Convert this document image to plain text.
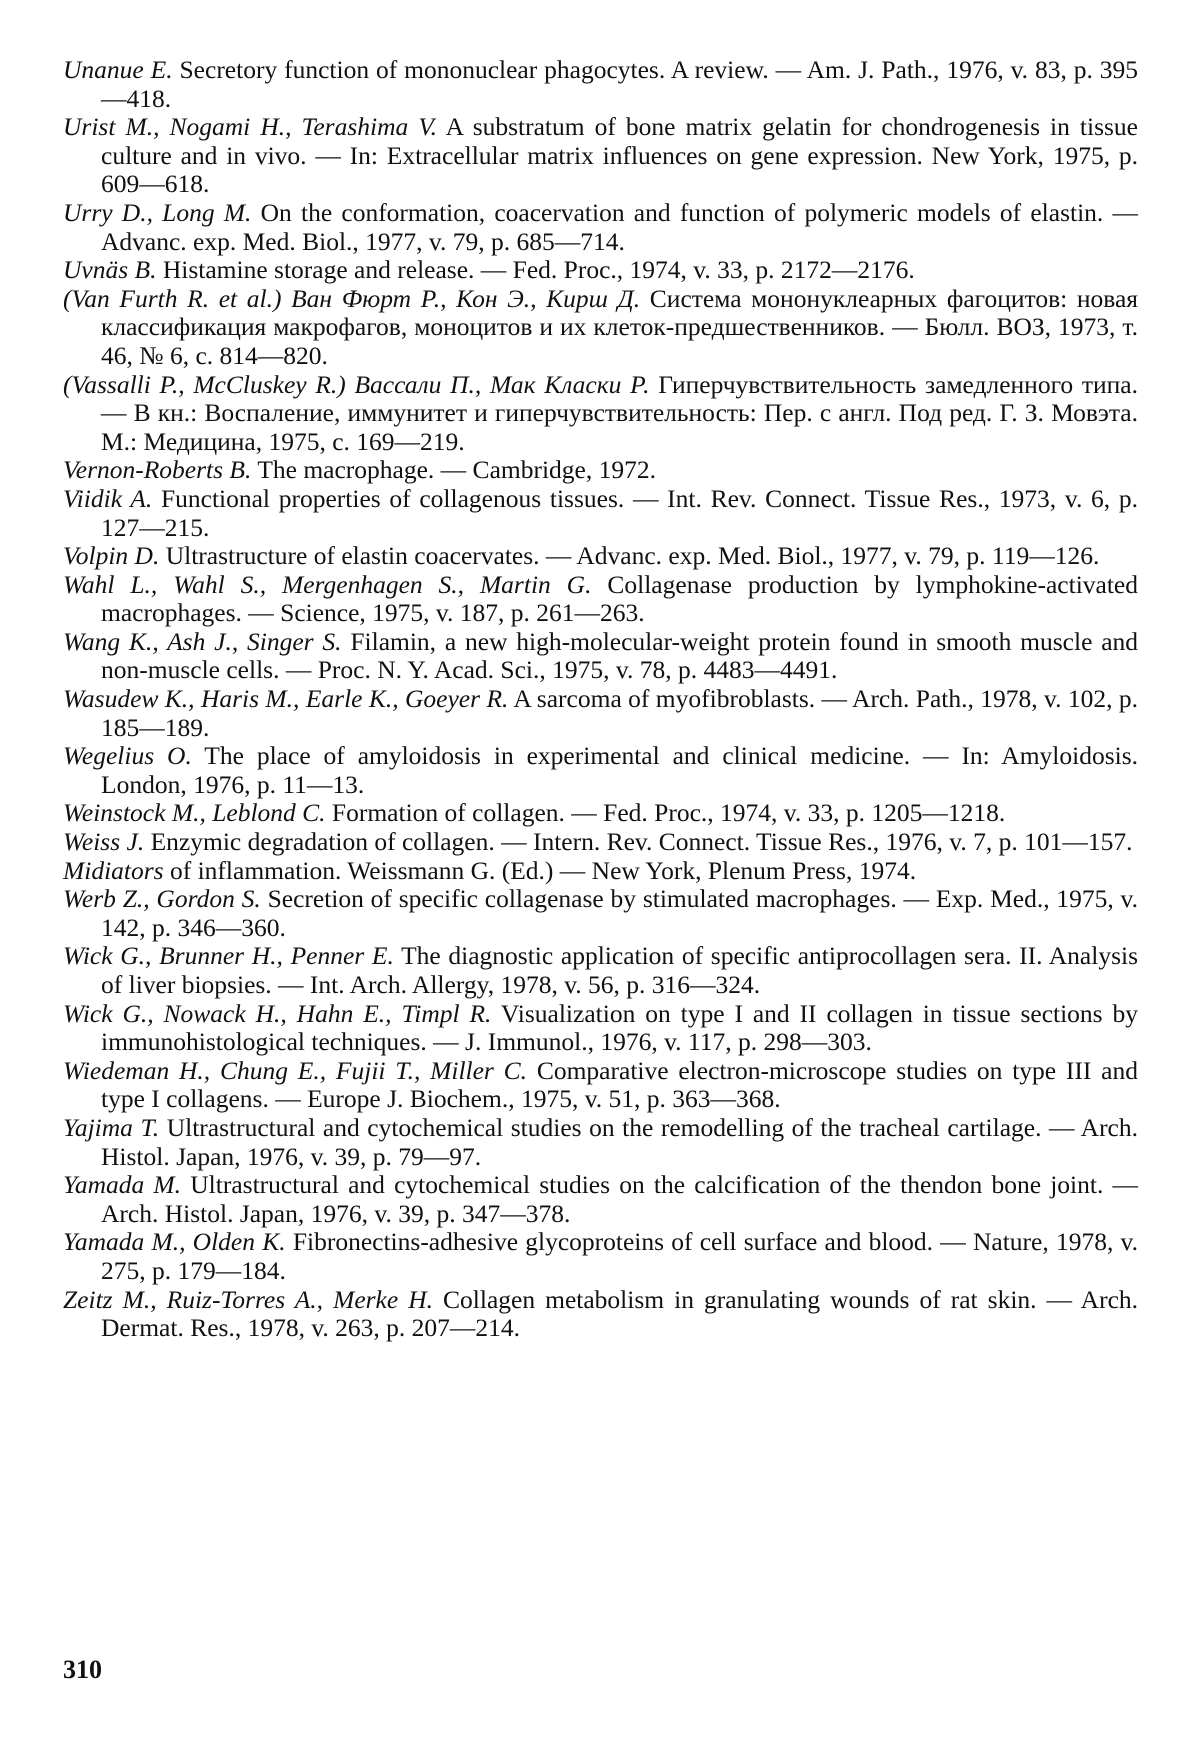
Unanue E. Secretory function of mononuclear phagocytes. A review. — Am. J. Path., 1976, v. 83, p. 395—418.

Urist M., Nogami H., Terashima V. A substratum of bone matrix gelatin for chondrogenesis in tissue culture and in vivo. — In: Extracellular matrix influences on gene expression. New York, 1975, p. 609—618.

Urry D., Long M. On the conformation, coacervation and function of polymeric models of elastin. — Advanc. exp. Med. Biol., 1977, v. 79, p. 685—714.

Uvnäs B. Histamine storage and release. — Fed. Proc., 1974, v. 33, p. 2172—2176.

(Van Furth R. et al.) Ван Фюрт Р., Кон Э., Кирш Д. Система мононуклеарных фагоцитов: новая классификация макрофагов, моноцитов и их клеток-предшественников. — Бюлл. ВОЗ, 1973, т. 46, № 6, с. 814—820.

(Vassalli P., McCluskey R.) Вассали П., Мак Класки Р. Гиперчувствительность замедленного типа. — В кн.: Воспаление, иммунитет и гиперчувствительность: Пер. с англ. Под ред. Г. З. Мовэта. М.: Медицина, 1975, с. 169—219.

Vernon-Roberts B. The macrophage. — Cambridge, 1972.

Viidik A. Functional properties of collagenous tissues. — Int. Rev. Connect. Tissue Res., 1973, v. 6, p. 127—215.

Volpin D. Ultrastructure of elastin coacervates. — Advanc. exp. Med. Biol., 1977, v. 79, p. 119—126.

Wahl L., Wahl S., Mergenhagen S., Martin G. Collagenase production by lymphokine-activated macrophages. — Science, 1975, v. 187, p. 261—263.

Wang K., Ash J., Singer S. Filamin, a new high-molecular-weight protein found in smooth muscle and non-muscle cells. — Proc. N. Y. Acad. Sci., 1975, v. 78, p. 4483—4491.

Wasudew K., Haris M., Earle K., Goeyer R. A sarcoma of myofibroblasts. — Arch. Path., 1978, v. 102, p. 185—189.

Wegelius O. The place of amyloidosis in experimental and clinical medicine. — In: Amyloidosis. London, 1976, p. 11—13.

Weinstock M., Leblond C. Formation of collagen. — Fed. Proc., 1974, v. 33, p. 1205—1218.

Weiss J. Enzymic degradation of collagen. — Intern. Rev. Connect. Tissue Res., 1976, v. 7, p. 101—157.

Midiators of inflammation. Weissmann G. (Ed.) — New York, Plenum Press, 1974.

Werb Z., Gordon S. Secretion of specific collagenase by stimulated macrophages. — Exp. Med., 1975, v. 142, p. 346—360.

Wick G., Brunner H., Penner E. The diagnostic application of specific antiprocollagen sera. II. Analysis of liver biopsies. — Int. Arch. Allergy, 1978, v. 56, p. 316—324.

Wick G., Nowack H., Hahn E., Timpl R. Visualization on type I and II collagen in tissue sections by immunohistological techniques. — J. Immunol., 1976, v. 117, p. 298—303.

Wiedeman H., Chung E., Fujii T., Miller C. Comparative electron-microscope studies on type III and type I collagens. — Europe J. Biochem., 1975, v. 51, p. 363—368.

Yajima T. Ultrastructural and cytochemical studies on the remodelling of the tracheal cartilage. — Arch. Histol. Japan, 1976, v. 39, p. 79—97.

Yamada M. Ultrastructural and cytochemical studies on the calcification of the thendon bone joint. — Arch. Histol. Japan, 1976, v. 39, p. 347—378.

Yamada M., Olden K. Fibronectins-adhesive glycoproteins of cell surface and blood. — Nature, 1978, v. 275, p. 179—184.

Zeitz M., Ruiz-Torres A., Merke H. Collagen metabolism in granulating wounds of rat skin. — Arch. Dermat. Res., 1978, v. 263, p. 207—214.

310
